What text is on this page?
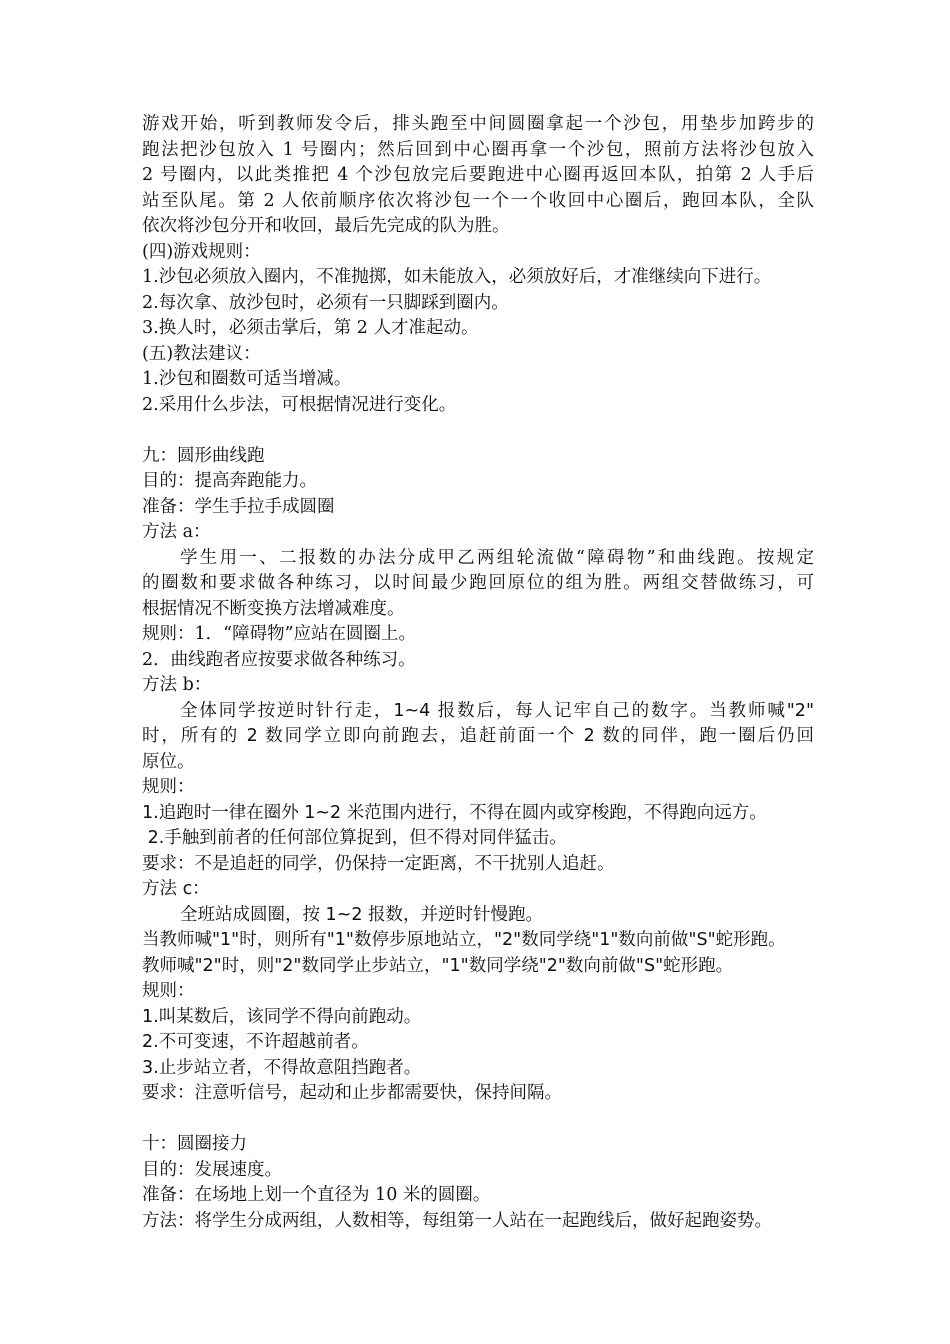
游戏开始，听到教师发令后，排头跑至中间圆圈拿起一个沙包，用垫步加跨步的

跑法把沙包放入 1 号圈内；然后回到中心圈再拿一个沙包，照前方法将沙包放入

2 号圈内，以此类推把 4 个沙包放完后要跑进中心圈再返回本队，拍第 2 人手后

站至队尾。第 2 人依前顺序依次将沙包一个一个收回中心圈后，跑回本队，全队

依次将沙包分开和收回，最后先完成的队为胜。

(四)游戏规则：

1.沙包必须放入圈内，不准抛掷，如未能放入，必须放好后，才准继续向下进行。

2.每次拿、放沙包时，必须有一只脚踩到圈内。

3.换人时，必须击掌后，第 2 人才准起动。

(五)教法建议：

1.沙包和圈数可适当增减。

2.采用什么步法，可根据情况进行变化。

九：圆形曲线跑

目的：提高奔跑能力。

准备：学生手拉手成圆圈

方法 a：

学生用一、二报数的办法分成甲乙两组轮流做“障碍物”和曲线跑。按规定

的圈数和要求做各种练习，以时间最少跑回原位的组为胜。两组交替做练习，可

根据情况不断变换方法增减难度。

规则：1．“障碍物”应站在圆圈上。

2．曲线跑者应按要求做各种练习。

方法 b：

全体同学按逆时针行走，1~4 报数后，每人记牢自己的数字。当教师喊"2"

时，所有的 2 数同学立即向前跑去，追赶前面一个 2 数的同伴，跑一圈后仍回

原位。

规则：

1.追跑时一律在圈外 1~2 米范围内进行，不得在圆内或穿梭跑，不得跑向远方。

2.手触到前者的任何部位算捉到，但不得对同伴猛击。

要求：不是追赶的同学，仍保持一定距离，不干扰别人追赶。

方法 c：

全班站成圆圈，按 1~2 报数，并逆时针慢跑。

当教师喊"1"时，则所有"1"数停步原地站立，"2"数同学绕"1"数向前做"S"蛇形跑。

教师喊"2"时，则"2"数同学止步站立，"1"数同学绕"2"数向前做"S"蛇形跑。

规则：

1.叫某数后，该同学不得向前跑动。

2.不可变速，不许超越前者。

3.止步站立者，不得故意阻挡跑者。

要求：注意听信号，起动和止步都需要快，保持间隔。

十：圆圈接力

目的：发展速度。

准备：在场地上划一个直径为 10 米的圆圈。

方法：将学生分成两组，人数相等，每组第一人站在一起跑线后，做好起跑姿势。
